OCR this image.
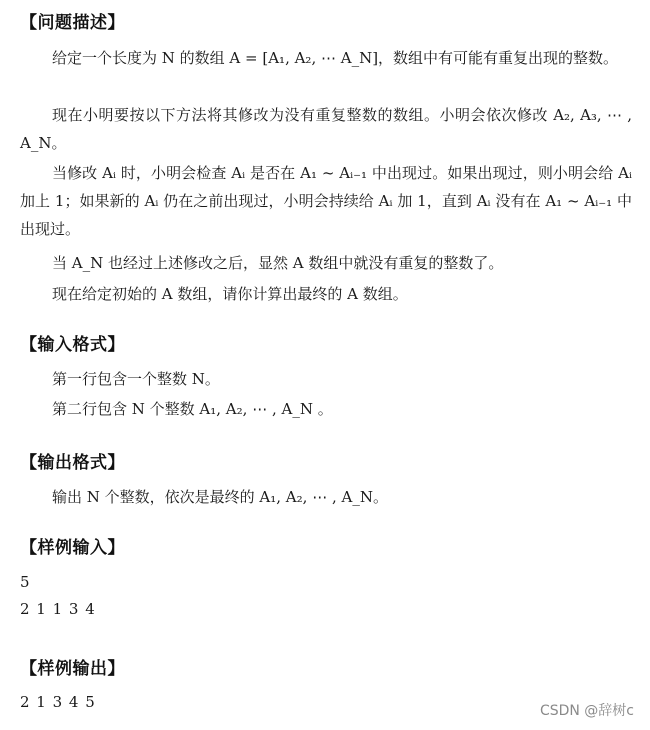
【问题描述】
给定一个长度为 N 的数组 A = [A₁, A₂, ⋯ A_N]，数组中有可能有重复出现的整数。
现在小明要按以下方法将其修改为没有重复整数的数组。小明会依次修改 A₂, A₃, ⋯ , A_N。
当修改 Aᵢ 时，小明会检查 Aᵢ 是否在 A₁ ~ Aᵢ₋₁ 中出现过。如果出现过，则小明会给 Aᵢ 加上 1；如果新的 Aᵢ 仍在之前出现过，小明会持续给 Aᵢ 加 1，直到 Aᵢ 没有在 A₁ ~ Aᵢ₋₁ 中出现过。
当 A_N 也经过上述修改之后，显然 A 数组中就没有重复的整数了。
现在给定初始的 A 数组，请你计算出最终的 A 数组。
【输入格式】
第一行包含一个整数 N。
第二行包含 N 个整数 A₁, A₂, ⋯ , A_N 。
【输出格式】
输出 N 个整数，依次是最终的 A₁, A₂, ⋯ , A_N。
【样例输入】
5
2 1 1 3 4
【样例输出】
2 1 3 4 5	CSDN @辞树c
